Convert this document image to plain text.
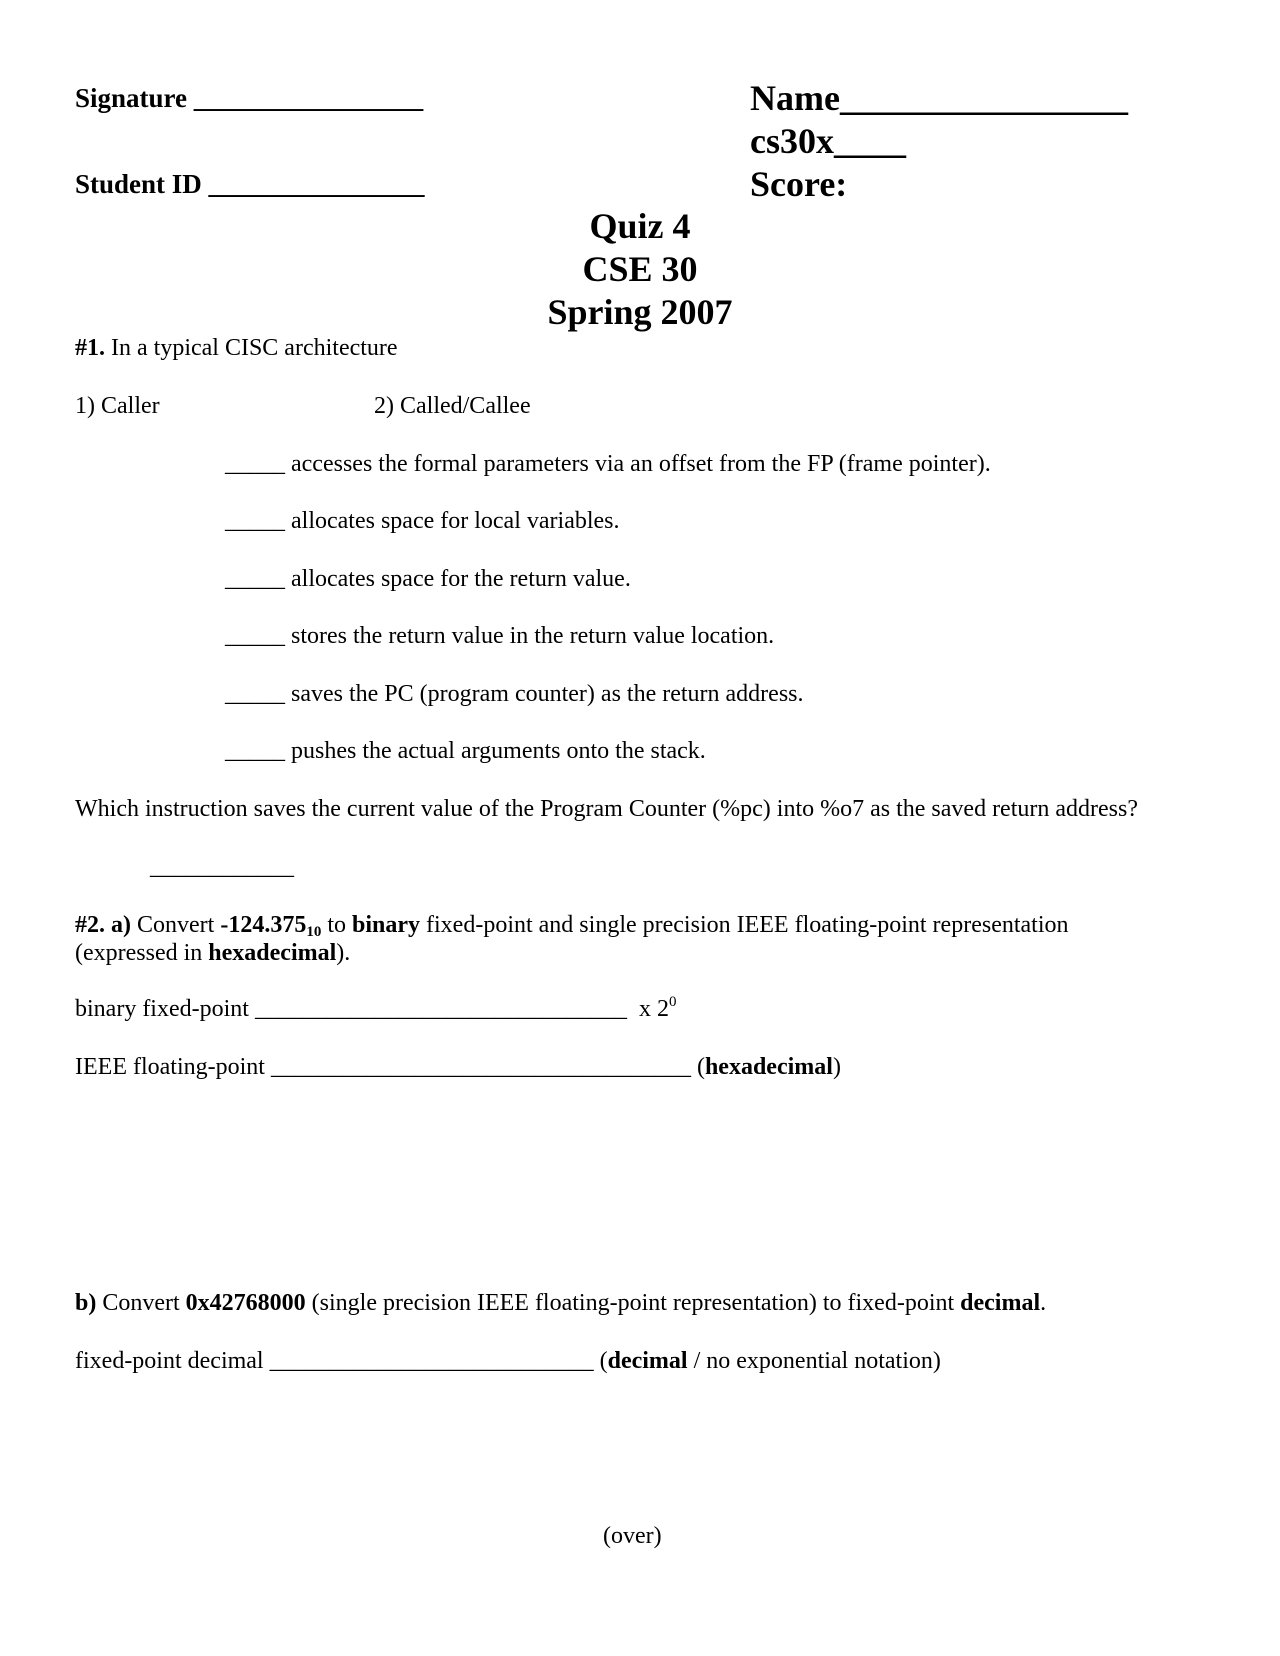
Signature _________________
Student ID ________________
Name________________
cs30x____
Score:
Quiz 4
CSE 30
Spring 2007
#1. In a typical CISC architecture
1) Caller	2) Called/Callee
_____ accesses the formal parameters via an offset from the FP (frame pointer).
_____ allocates space for local variables.
_____ allocates space for the return value.
_____ stores the return value in the return value location.
_____ saves the PC (program counter) as the return address.
_____ pushes the actual arguments onto the stack.
Which instruction saves the current value of the Program Counter (%pc) into %o7 as the saved return address?
____________
#2. a) Convert $-124.375_{10}$ to binary fixed-point and single precision IEEE floating-point representation
(expressed in hexadecimal).
binary fixed-point _______________________________ x $2^0$
IEEE floating-point ___________________________________ (hexadecimal)
b) Convert 0x42768000 (single precision IEEE floating-point representation) to fixed-point decimal.
fixed-point decimal ___________________________ (decimal / no exponential notation)
(over)
